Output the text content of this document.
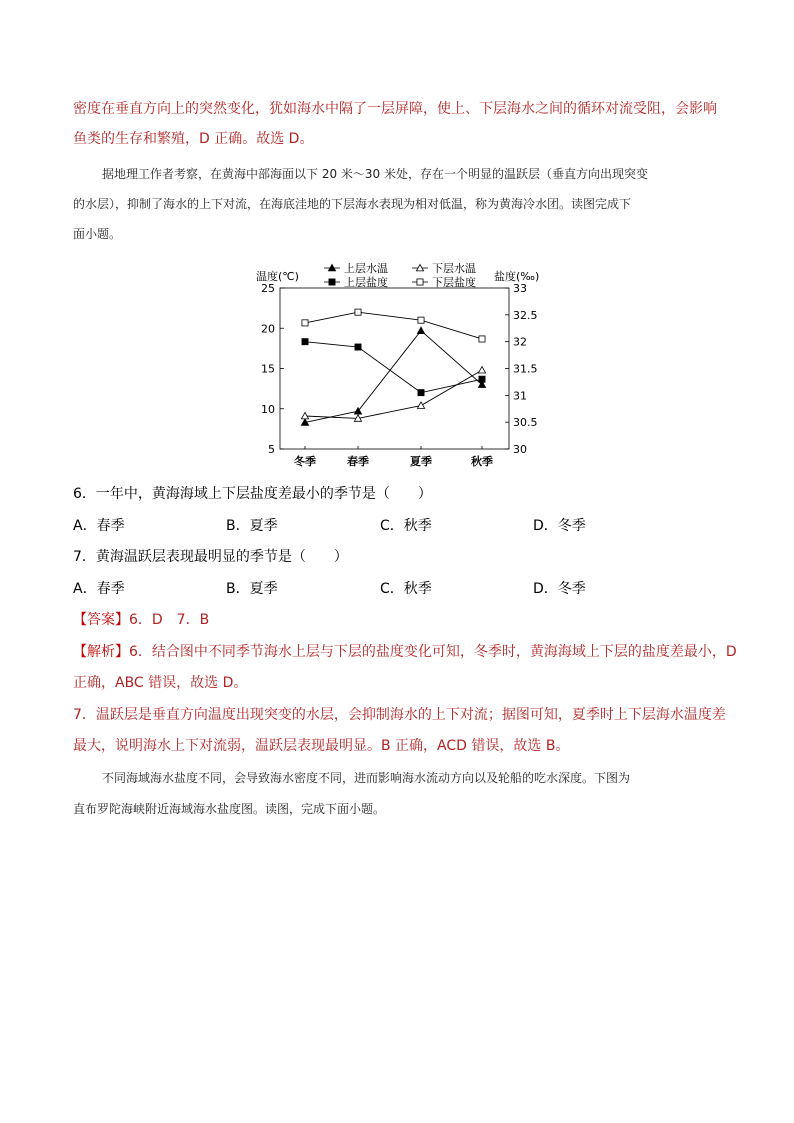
密度在垂直方向上的突然变化，犹如海水中隔了一层屏障，使上、下层海水之间的循环对流受阻，会影响
鱼类的生存和繁殖，D 正确。故选 D。
据地理工作者考察，在黄海中部海面以下 20 米～30 米处，存在一个明显的温跃层（垂直方向出现突变
的水层），抑制了海水的上下对流，在海底洼地的下层海水表现为相对低温，称为黄海冷水团。读图完成下
面小题。
5
10
15
20
25
30
30.5
31
31.5
32
32.5
33
冬季	春季	夏季	秋季
温度(℃)	盐度(‰)
上层水温	下层水温
上层盐度	下层盐度
6．一年中，黄海海域上下层盐度差最小的季节是（　　）
A．春季	B．夏季	C．秋季	D．冬季
7．黄海温跃层表现最明显的季节是（　　）
A．春季	B．夏季	C．秋季	D．冬季
【答案】6．D　7．B
【解析】6．结合图中不同季节海水上层与下层的盐度变化可知，冬季时，黄海海域上下层的盐度差最小，D
正确，ABC 错误，故选 D。
7．温跃层是垂直方向温度出现突变的水层，会抑制海水的上下对流；据图可知，夏季时上下层海水温度差
最大，说明海水上下对流弱，温跃层表现最明显。B 正确，ACD 错误，故选 B。
不同海域海水盐度不同，会导致海水密度不同，进而影响海水流动方向以及轮船的吃水深度。下图为
直布罗陀海峡附近海域海水盐度图。读图，完成下面小题。
